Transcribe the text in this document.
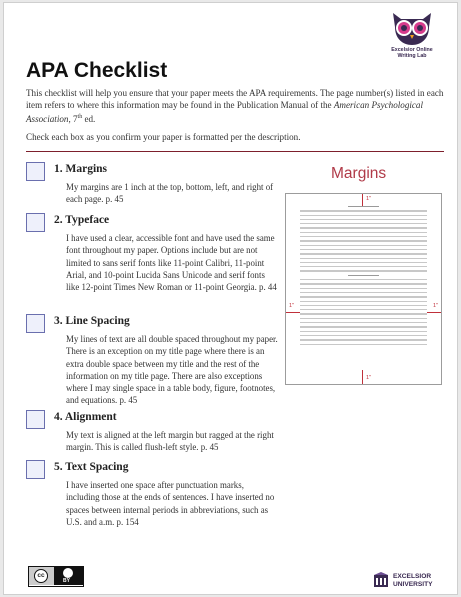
Excelsior Online
Writing Lab
APA Checklist
This checklist will help you ensure that your paper meets the APA requirements. The page number(s) listed in each item refers to where this information may be found in the Publication Manual of the American Psychological Association, 7th ed.
Check each box as you confirm your paper is formatted per the description.
1. Margins
My margins are 1 inch at the top, bottom, left, and right of each page. p. 45
2. Typeface
I have used a clear, accessible font and have used the same font throughout my paper. Options include but are not limited to sans serif fonts like 11-point Calibri, 11-point Arial, and 10-point Lucida Sans Unicode and serif fonts like 12-point Times New Roman or 11-point Georgia. p. 44
3. Line Spacing
My lines of text are all double spaced throughout my paper. There is an exception on my title page where there is an extra double space between my title and the rest of the information on my title page. There are also exceptions where I may single space in a table body, figure, footnotes, and equations. p. 45
4. Alignment
My text is aligned at the left margin but ragged at the right margin. This is called flush-left style. p. 45
5. Text Spacing
I have inserted one space after punctuation marks, including those at the ends of sentences. I have inserted no spaces between internal periods in abbreviations, such as U.S. and a.m. p. 154
Margins
1"
1"
1"	1"
cc
BY
EXCELSIOR
UNIVERSITY
